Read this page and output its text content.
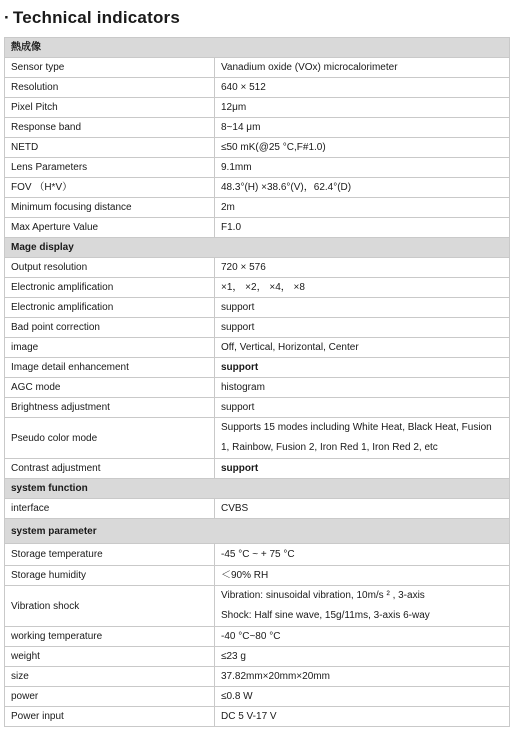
· Technical indicators
熱成像	
Sensor type	Vanadium oxide (VOx) microcalorimeter
Resolution	640 × 512
Pixel Pitch	12μm
Response band	8~14 μm
NETD	≤50 mK(@25 °C,F#1.0)
Lens Parameters	9.1mm
FOV （H*V）	48.3°(H) ×38.6°(V)，62.4°(D)
Minimum focusing distance	2m
Max Aperture Value	F1.0
Mage display	
Output resolution	720 × 576
Electronic amplification	×1， ×2， ×4， ×8
Electronic amplification	support
Bad point correction	support
image	Off, Vertical, Horizontal, Center
Image detail enhancement	support
AGC mode	histogram
Brightness adjustment	support
Pseudo color mode	Supports 15 modes including White Heat, Black Heat, Fusion
1, Rainbow, Fusion 2, Iron Red 1, Iron Red 2, etc

Contrast adjustment	support
system function	
interface	CVBS
system parameter	
Storage temperature	-45 °C ~ + 75 °C
Storage humidity	＜90% RH
Vibration shock	Vibration: sinusoidal vibration, 10m/s ² , 3-axis
Shock: Half sine wave, 15g/11ms, 3-axis 6-way

working temperature	-40 °C~80 °C
weight	≤23 g
size	37.82mm×20mm×20mm
power	≤0.8 W
Power input	DC 5 V-17 V
